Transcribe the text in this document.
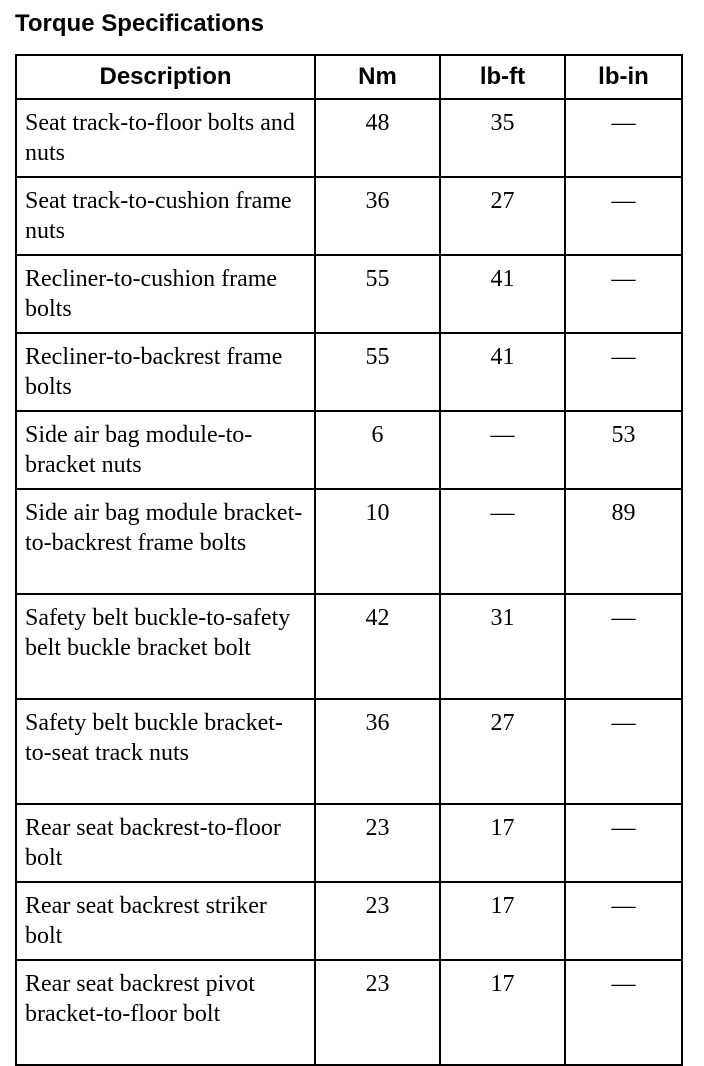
Torque Specifications
Description	Nm	lb-ft	lb-in
Seat track-to-floor bolts and nuts	48	35	—
Seat track-to-cushion frame nuts	36	27	—
Recliner-to-cushion frame bolts	55	41	—
Recliner-to-backrest frame bolts	55	41	—
Side air bag module-to-bracket nuts	6	—	53
Side air bag module bracket-to-backrest frame bolts	10	—	89
Safety belt buckle-to-safety belt buckle bracket bolt	42	31	—
Safety belt buckle bracket-to-seat track nuts	36	27	—
Rear seat backrest-to-floor bolt	23	17	—
Rear seat backrest striker bolt	23	17	—
Rear seat backrest pivot bracket-to-floor bolt	23	17	—
